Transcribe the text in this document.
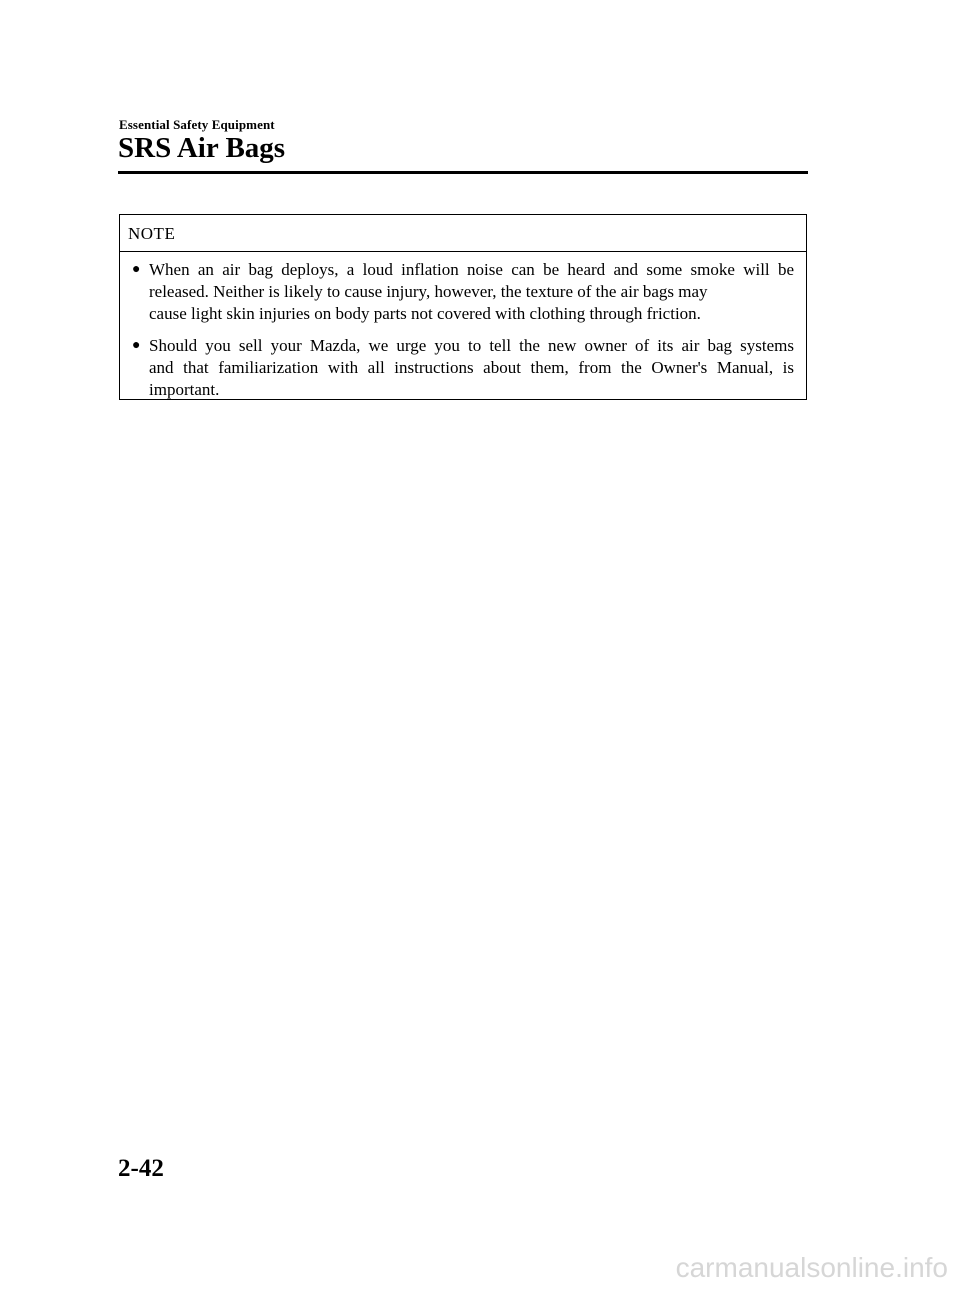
Essential Safety Equipment
SRS Air Bags
NOTE
● When an air bag deploys, a loud inflation noise can be heard and some smoke will be
released. Neither is likely to cause injury, however, the texture of the air bags may
cause light skin injuries on body parts not covered with clothing through friction.
● Should you sell your Mazda, we urge you to tell the new owner of its air bag systems
and that familiarization with all instructions about them, from the Owner's Manual, is
important.
2-42
carmanualsonline.info
